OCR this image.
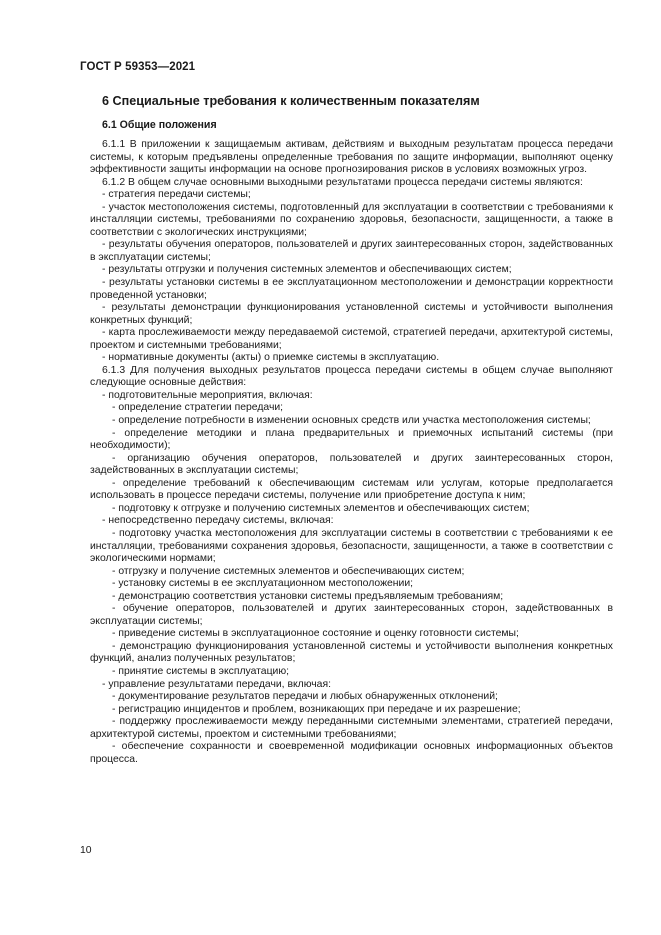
ГОСТ Р 59353—2021
6 Специальные требования к количественным показателям
6.1 Общие положения

6.1.1 В приложении к защищаемым активам, действиям и выходным результатам процесса передачи системы, к которым предъявлены определенные требования по защите информации, выполняют оценку эффективности защиты информации на основе прогнозирования рисков в условиях возможных угроз.

6.1.2 В общем случае основными выходными результатами процесса передачи системы являются:

- стратегия передачи системы;

- участок местоположения системы, подготовленный для эксплуатации в соответствии с требованиями к инсталляции системы, требованиями по сохранению здоровья, безопасности, защищенности, а также в соответствии с экологических инструкциями;

- результаты обучения операторов, пользователей и других заинтересованных сторон, задействованных в эксплуатации системы;

- результаты отгрузки и получения системных элементов и обеспечивающих систем;

- результаты установки системы в ее эксплуатационном местоположении и демонстрации корректности проведенной установки;

- результаты демонстрации функционирования установленной системы и устойчивости выполнения конкретных функций;

- карта прослеживаемости между передаваемой системой, стратегией передачи, архитектурой системы, проектом и системными требованиями;

- нормативные документы (акты) о приемке системы в эксплуатацию.

6.1.3 Для получения выходных результатов процесса передачи системы в общем случае выполняют следующие основные действия:

- подготовительные мероприятия, включая:

- определение стратегии передачи;

- определение потребности в изменении основных средств или участка местоположения системы;

- определение методики и плана предварительных и приемочных испытаний системы (при необходимости);

- организацию обучения операторов, пользователей и других заинтересованных сторон, задействованных в эксплуатации системы;

- определение требований к обеспечивающим системам или услугам, которые предполагается использовать в процессе передачи системы, получение или приобретение доступа к ним;

- подготовку к отгрузке и получению системных элементов и обеспечивающих систем;

- непосредственно передачу системы, включая:

- подготовку участка местоположения для эксплуатации системы в соответствии с требованиями к ее инсталляции, требованиями сохранения здоровья, безопасности, защищенности, а также в соответствии с экологическими нормами;

- отгрузку и получение системных элементов и обеспечивающих систем;

- установку системы в ее эксплуатационном местоположении;

- демонстрацию соответствия установки системы предъявляемым требованиям;

- обучение операторов, пользователей и других заинтересованных сторон, задействованных в эксплуатации системы;

- приведение системы в эксплуатационное состояние и оценку готовности системы;

- демонстрацию функционирования установленной системы и устойчивости выполнения конкретных функций, анализ полученных результатов;

- принятие системы в эксплуатацию;

- управление результатами передачи, включая:

- документирование результатов передачи и любых обнаруженных отклонений;

- регистрацию инцидентов и проблем, возникающих при передаче и их разрешение;

- поддержку прослеживаемости между переданными системными элементами, стратегией передачи, архитектурой системы, проектом и системными требованиями;

- обеспечение сохранности и своевременной модификации основных информационных объектов процесса.

10
